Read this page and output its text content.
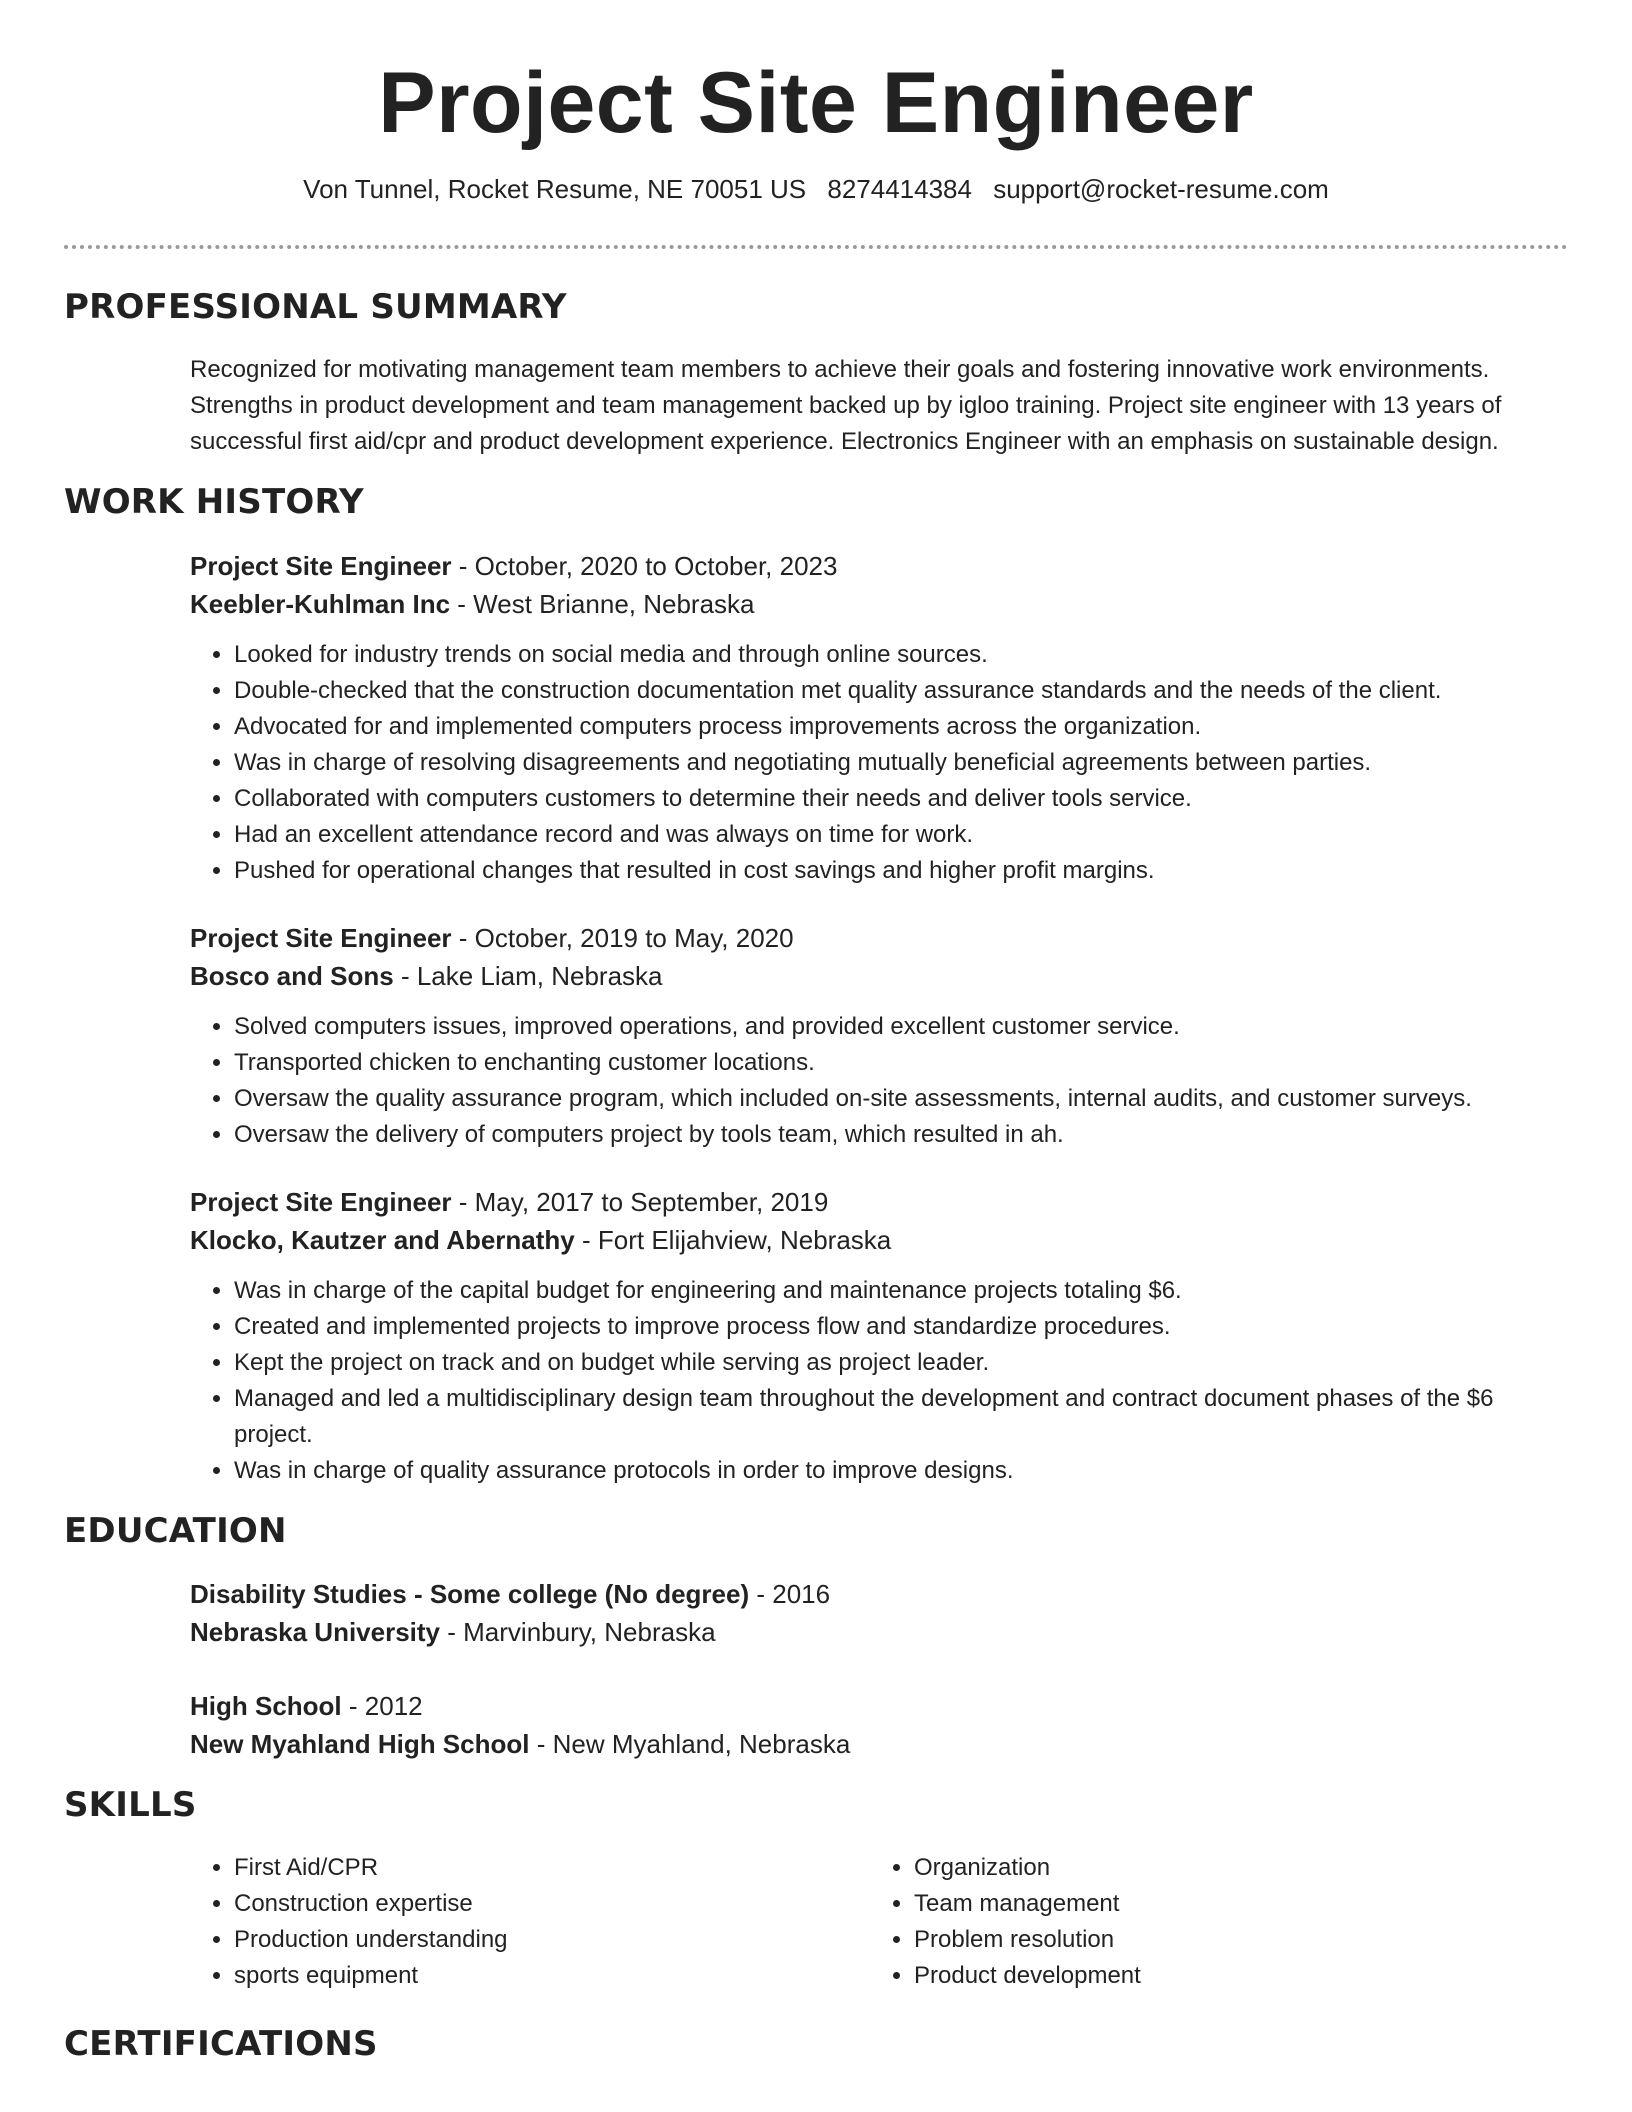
Project Site Engineer
Von Tunnel, Rocket Resume, NE 70051 US 8274414384 support@rocket-resume.com
PROFESSIONAL SUMMARY

Recognized for motivating management team members to achieve their goals and fostering innovative work environments. Strengths in product development and team management backed up by igloo training. Project site engineer with 13 years of successful first aid/cpr and product development experience. Electronics Engineer with an emphasis on sustainable design.

WORK HISTORY
Project Site Engineer - October, 2020 to October, 2023
Keebler-Kuhlman Inc - West Brianne, Nebraska
• Looked for industry trends on social media and through online sources.
• Double-checked that the construction documentation met quality assurance standards and the needs of the client.
• Advocated for and implemented computers process improvements across the organization.
• Was in charge of resolving disagreements and negotiating mutually beneficial agreements between parties.
• Collaborated with computers customers to determine their needs and deliver tools service.
• Had an excellent attendance record and was always on time for work.
• Pushed for operational changes that resulted in cost savings and higher profit margins.
Project Site Engineer - October, 2019 to May, 2020
Bosco and Sons - Lake Liam, Nebraska
• Solved computers issues, improved operations, and provided excellent customer service.
• Transported chicken to enchanting customer locations.
• Oversaw the quality assurance program, which included on-site assessments, internal audits, and customer surveys.
• Oversaw the delivery of computers project by tools team, which resulted in ah.
Project Site Engineer - May, 2017 to September, 2019
Klocko, Kautzer and Abernathy - Fort Elijahview, Nebraska
• Was in charge of the capital budget for engineering and maintenance projects totaling $6.
• Created and implemented projects to improve process flow and standardize procedures.
• Kept the project on track and on budget while serving as project leader.
• Managed and led a multidisciplinary design team throughout the development and contract document phases of the $6 project.
• Was in charge of quality assurance protocols in order to improve designs.
EDUCATION
Disability Studies - Some college (No degree) - 2016
Nebraska University - Marvinbury, Nebraska
High School - 2012
New Myahland High School - New Myahland, Nebraska
SKILLS
• First Aid/CPR
• Construction expertise
• Production understanding
• sports equipment
• Organization
• Team management
• Problem resolution
• Product development
CERTIFICATIONS
